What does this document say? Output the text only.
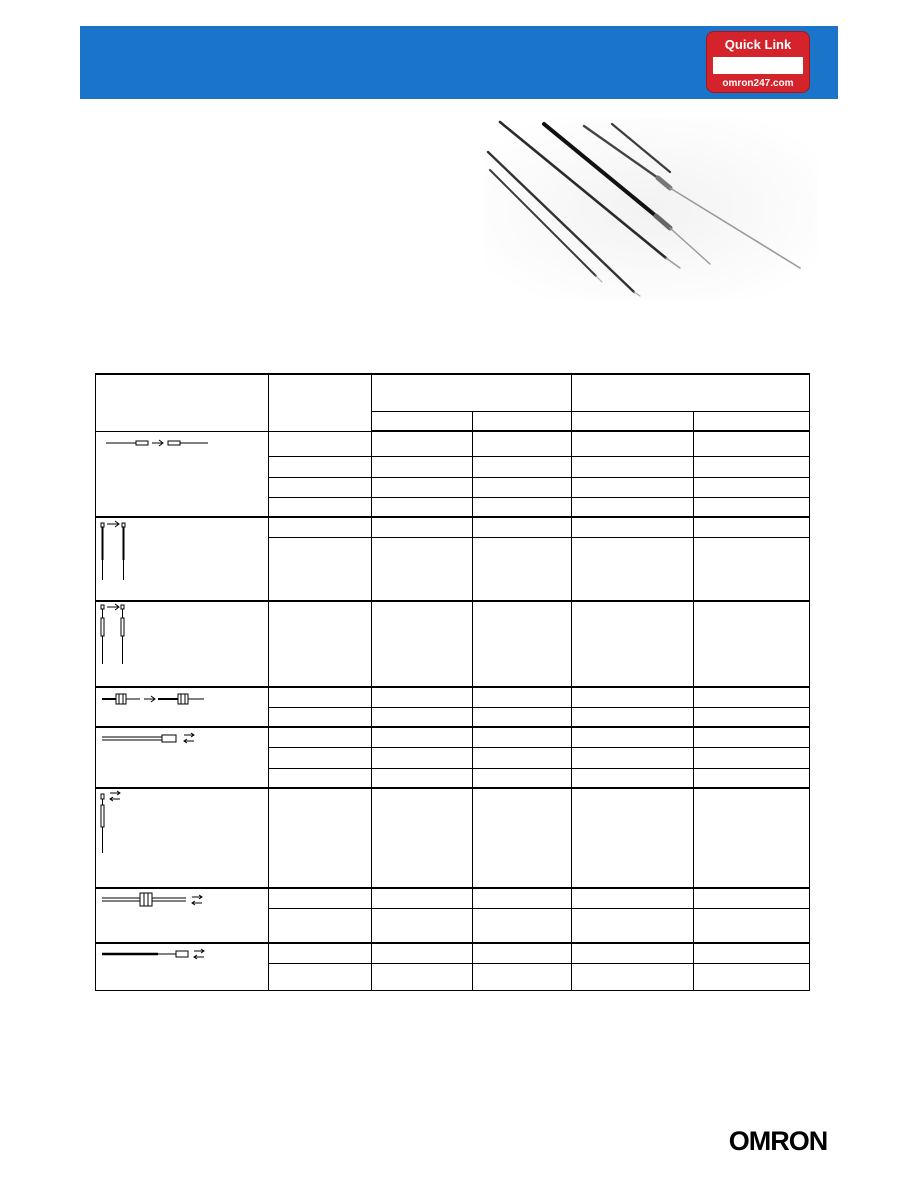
Quick Link
omron247.com

OMRON
